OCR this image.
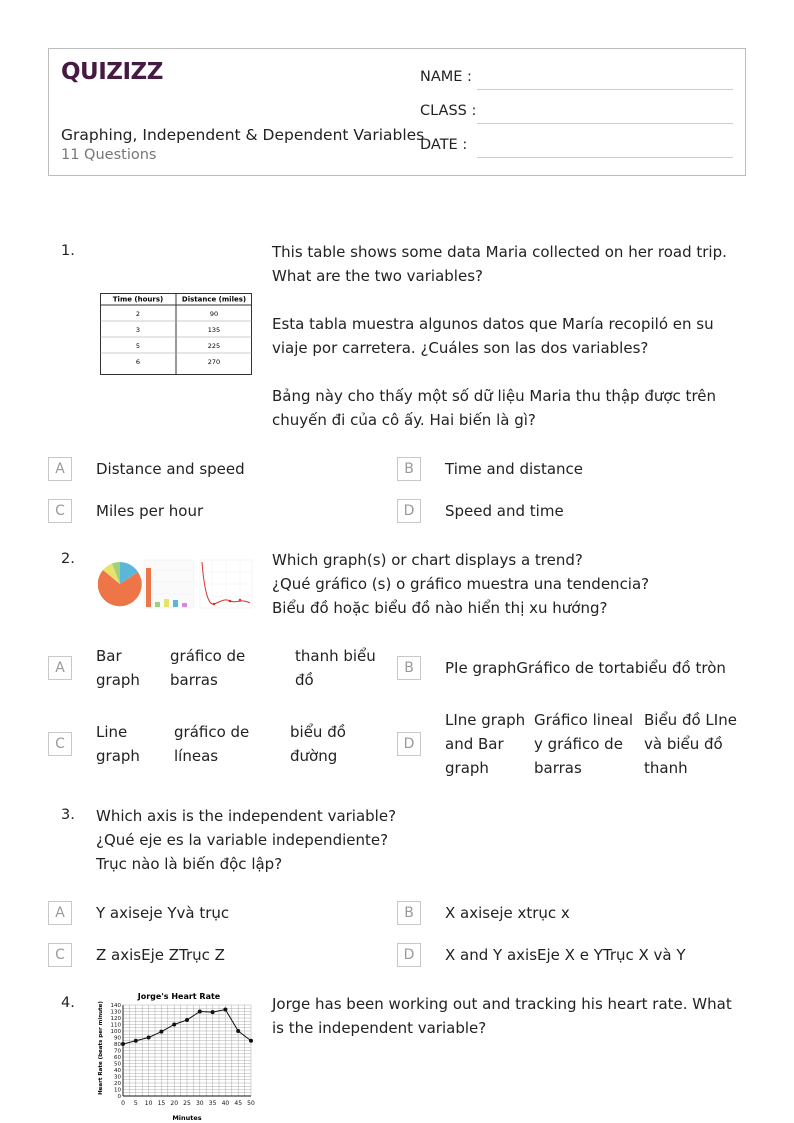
QUIZIZZ
Graphing, Independent & Dependent Variables
11 Questions
NAME :
CLASS :
DATE :
1.
Time (hours)	Distance (miles)
2	90
3	135
5	225
6	270

This table shows some data Maria collected on her road trip. What are the two variables?

Esta tabla muestra algunos datos que María recopiló en su viaje por carretera. ¿Cuáles son las dos variables?

Bảng này cho thấy một số dữ liệu Maria thu thập được trên chuyến đi của cô ấy. Hai biến là gì?

A	Distance and speed	B	Time and distance
C	Miles per hour	D	Speed and time
2.	Which graph(s) or chart displays a trend?

¿Qué gráfico (s) o gráfico muestra una tendencia?

Biểu đồ hoặc biểu đồ nào hiển thị xu hướng?

A
Bar graph
gráfico de barras
thanh biểu đồ
B	PIe graphGráfico de tortabiểu đồ tròn
C
Line graph
gráfico de líneas
biểu đồ đường
D
LIne graph and Bar graph
Gráfico lineal y gráfico de barras
Biểu đồ LIne và biểu đồ thanh
3. Which axis is the independent variable?

¿Qué eje es la variable independiente?

Trục nào là biến độc lập?

A	Y axiseje Yvà trục	B	X axiseje xtrục x
C	Z axisEje ZTrục Z	D	X and Y axisEje X e YTrục X và Y
4.	Jorge's Heart Rate
Heart Rate (beats per minute)
Minutes
0 5 10 15 20 25 30 35 40 45 50
0
10
20
30
40
50
60
70
80
90
100
110
120
130
140	Jorge has been working out and tracking his heart rate. What is the independent variable?
